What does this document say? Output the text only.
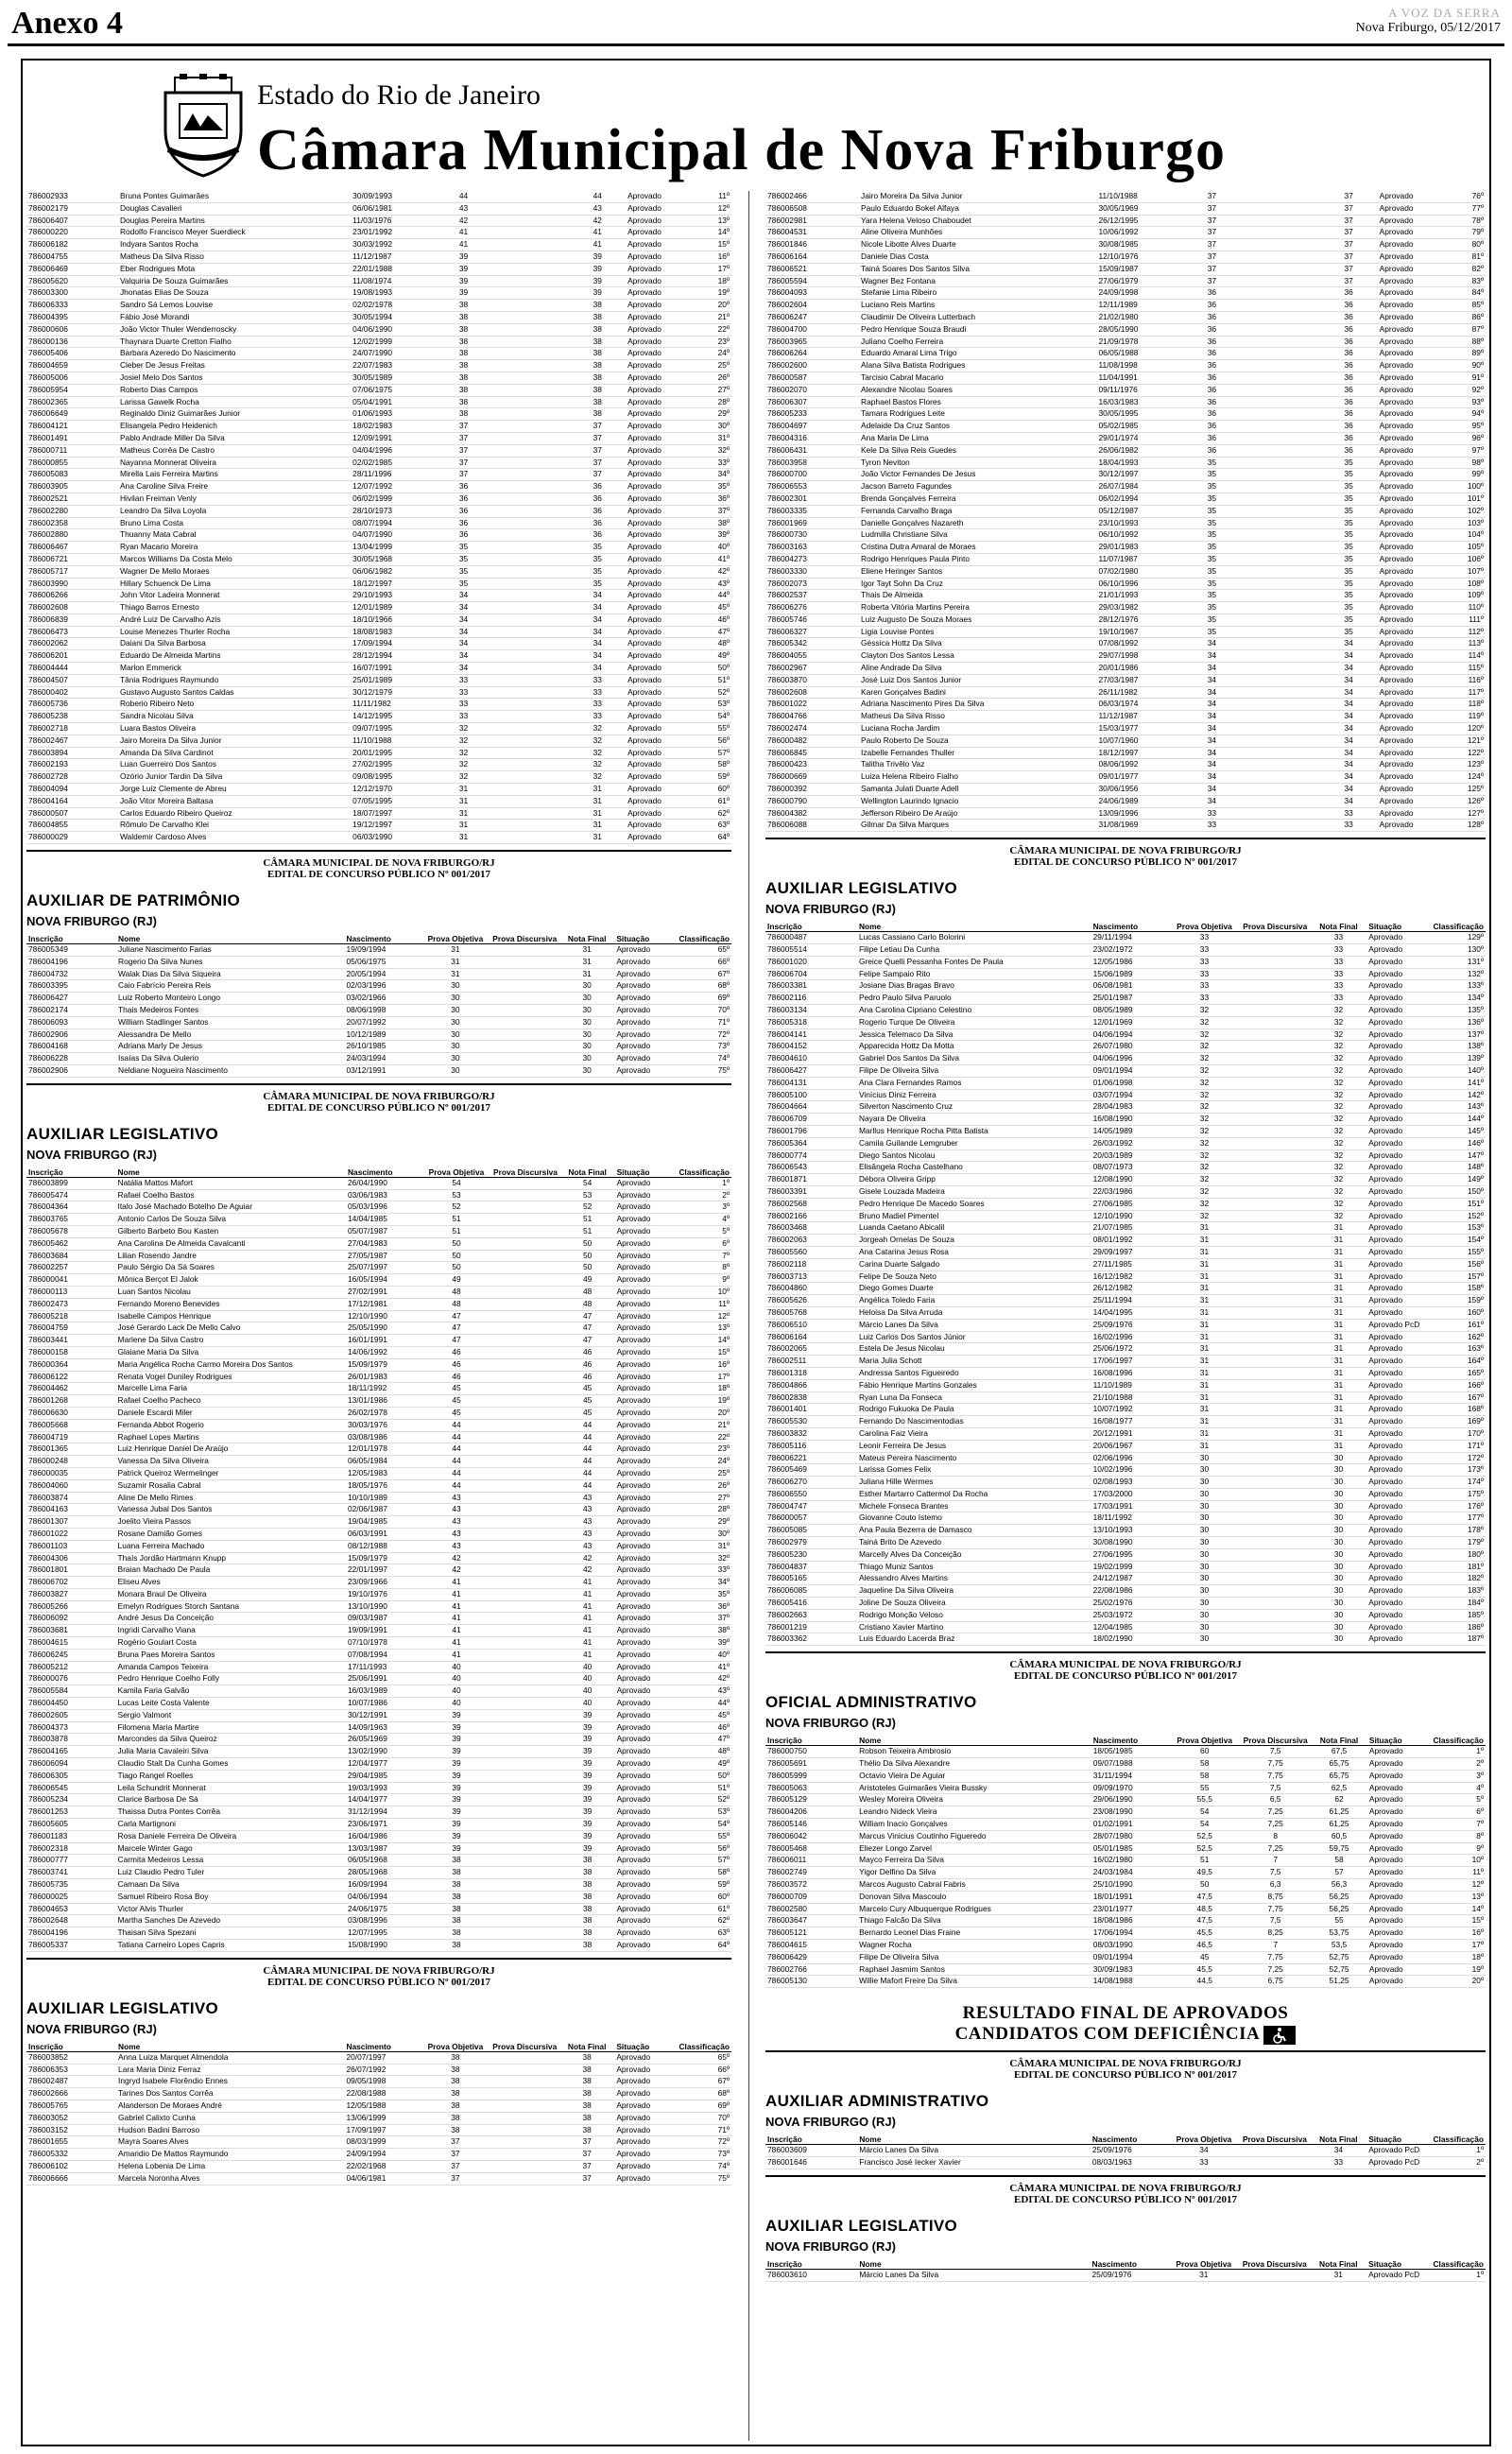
Anexo 4	A VOZ DA SERRA
Nova Friburgo, 05/12/2017
Estado do Rio de Janeiro
Câmara Municipal de Nova Friburgo
786002933	Bruna Pontes Guimarães	30/09/1993	44		44	Aprovado	11º
786002179	Douglas Cavalieri	06/06/1981	43		43	Aprovado	12º
786006407	Douglas Pereira Martins	11/03/1976	42		42	Aprovado	13º
786000220	Rodolfo Francisco Meyer Suerdieck	23/01/1992	41		41	Aprovado	14º
786006182	Indyara Santos Rocha	30/03/1992	41		41	Aprovado	15º
786004755	Matheus Da Silva Risso	11/12/1987	39		39	Aprovado	16º
786006469	Eber Rodrigues Mota	22/01/1988	39		39	Aprovado	17º
786005620	Valquiria De Souza Guimarães	11/08/1974	39		39	Aprovado	18º
786003300	Jhonatas Elias De Souza	19/08/1993	39		39	Aprovado	19º
786006333	Sandro Sá Lemos Louvise	02/02/1978	38		38	Aprovado	20º
786004395	Fábio José Morandi	30/05/1994	38		38	Aprovado	21º
786000606	João Victor Thuler Wenderroscky	04/06/1990	38		38	Aprovado	22º
786000136	Thaynara Duarte Cretton Fialho	12/02/1999	38		38	Aprovado	23º
786005406	Barbara Azeredo Do Nascimento	24/07/1990	38		38	Aprovado	24º
786004659	Cleber De Jesus Freitas	22/07/1983	38		38	Aprovado	25º
786005006	Josiel Melo Dos Santos	30/05/1989	38		38	Aprovado	26º
786005954	Roberto Dias Campos	07/06/1975	38		38	Aprovado	27º
786002365	Larissa Gawelk Rocha	05/04/1991	38		38	Aprovado	28º
786006649	Reginaldo Diniz Guimarães Junior	01/06/1993	38		38	Aprovado	29º
786004121	Elisangela Pedro Heidenich	18/02/1983	37		37	Aprovado	30º
786001491	Pablo Andrade Miller Da Silva	12/09/1991	37		37	Aprovado	31º
786000711	Matheus Corrêa De Castro	04/04/1996	37		37	Aprovado	32º
786000855	Nayanna Monnerat Oliveira	02/02/1985	37		37	Aprovado	33º
786005083	Mirella Lais Ferreira Martins	28/11/1996	37		37	Aprovado	34º
786003905	Ana Caroline Silva Freire	12/07/1992	36		36	Aprovado	35º
786002521	Hivilan Freiman Venly	06/02/1999	36		36	Aprovado	36º
786002280	Leandro Da Silva Loyola	28/10/1973	36		36	Aprovado	37º
786002358	Bruno Lima Costa	08/07/1994	36		36	Aprovado	38º
786002880	Thuanny Mata Cabral	04/07/1990	36		36	Aprovado	39º
786006467	Ryan Macario Moreira	13/04/1999	35		35	Aprovado	40º
786006721	Marcos Williams Da Costa Melo	30/05/1968	35		35	Aprovado	41º
786005717	Wagner De Mello Moraes	06/06/1982	35		35	Aprovado	42º
786003990	Hillary Schuenck De Lima	18/12/1997	35		35	Aprovado	43º
786006266	John Vitor Ladeira Monnerat	29/10/1993	34		34	Aprovado	44º
786002608	Thiago Barros Ernesto	12/01/1989	34		34	Aprovado	45º
786006839	André Luiz De Carvalho Azis	18/10/1966	34		34	Aprovado	46º
786006473	Louise Menezes Thurler Rocha	18/08/1983	34		34	Aprovado	47º
786002062	Daiani Da Silva Barbosa	17/09/1994	34		34	Aprovado	48º
786006201	Eduardo De Almeida Martins	28/12/1994	34		34	Aprovado	49º
786004444	Marlon Emmerick	16/07/1991	34		34	Aprovado	50º
786004507	Tânia Rodrigues Raymundo	25/01/1989	33		33	Aprovado	51º
786000402	Gustavo Augusto Santos Caldas	30/12/1979	33		33	Aprovado	52º
786005736	Roberio Ribeiro Neto	11/11/1982	33		33	Aprovado	53º
786005238	Sandra Nicolau Silva	14/12/1995	33		33	Aprovado	54º
786002718	Luara Bastos Oliveira	09/07/1995	32		32	Aprovado	55º
786002467	Jairo Moreira Da Silva Junior	11/10/1988	32		32	Aprovado	56º
786003894	Amanda Da Silva Cardinot	20/01/1995	32		32	Aprovado	57º
786002193	Luan Guerreiro Dos Santos	27/02/1995	32		32	Aprovado	58º
786002728	Ozório Junior Tardin Da Silva	09/08/1995	32		32	Aprovado	59º
786004094	Jorge Luiz Clemente de Abreu	12/12/1970	31		31	Aprovado	60º
786004164	João Vitor Moreira Baltasa	07/05/1995	31		31	Aprovado	61º
786000507	Carlos Eduardo Ribeiro Queiroz	18/07/1997	31		31	Aprovado	62º
786004855	Rômulo De Carvalho Klei	19/12/1997	31		31	Aprovado	63º
786000029	Waldemir Cardoso Alves	06/03/1990	31		31	Aprovado	64º
CÂMARA MUNICIPAL DE NOVA FRIBURGO/RJ
EDITAL DE CONCURSO PÚBLICO Nº 001/2017
AUXILIAR DE PATRIMÔNIO
NOVA FRIBURGO (RJ)
Inscrição	Nome	Nascimento	Prova Objetiva	Prova Discursiva	Nota Final	Situação	Classificação
786005349	Juliane Nascimento Farias	19/09/1994	31		31	Aprovado	65º
786004196	Rogerio Da Silva Nunes	05/06/1975	31		31	Aprovado	66º
786004732	Walak Dias Da Silva Siqueira	20/05/1994	31		31	Aprovado	67º
786003395	Caio Fabrício Pereira Reis	02/03/1996	30		30	Aprovado	68º
786006427	Luiz Roberto Monteiro Longo	03/02/1966	30		30	Aprovado	69º
786002174	Thais Medeiros Fontes	08/06/1998	30		30	Aprovado	70º
786006093	William Stadlinger Santos	20/07/1992	30		30	Aprovado	71º
786002906	Alessandra De Mello	10/12/1989	30		30	Aprovado	72º
786004168	Adriana Marly De Jesus	26/10/1985	30		30	Aprovado	73º
786006228	Isaías Da Silva Oulerio	24/03/1994	30		30	Aprovado	74º
786002906	Neldiane Nogueira Nascimento	03/12/1991	30		30	Aprovado	75º
CÂMARA MUNICIPAL DE NOVA FRIBURGO/RJ
EDITAL DE CONCURSO PÚBLICO Nº 001/2017
AUXILIAR LEGISLATIVO
NOVA FRIBURGO (RJ)
Inscrição	Nome	Nascimento	Prova Objetiva	Prova Discursiva	Nota Final	Situação	Classificação
786003899	Natália Mattos Mafort	26/04/1990	54		54	Aprovado	1º
786005474	Rafael Coelho Bastos	03/06/1983	53		53	Aprovado	2º
786004364	Italo José Machado Botelho De Aguiar	05/03/1996	52		52	Aprovado	3º
786003765	Antonio Carlos De Souza Silva	14/04/1985	51		51	Aprovado	4º
786005678	Gilberto Barbeto Bou Kasten	05/07/1987	51		51	Aprovado	5º
786005462	Ana Carolina De Almeida Cavalcanti	27/04/1983	50		50	Aprovado	6º
786003684	Lilian Rosendo Jandre	27/05/1987	50		50	Aprovado	7º
786002257	Paulo Sérgio Da Sá Soares	25/07/1997	50		50	Aprovado	8º
786000041	Mônica Berçot El Jalok	16/05/1994	49		49	Aprovado	9º
786000113	Luan Santos Nicolau	27/02/1991	48		48	Aprovado	10º
786002473	Fernando Moreno Benevides	17/12/1981	48		48	Aprovado	11º
786005218	Isabelle Campos Henrique	12/10/1990	47		47	Aprovado	12º
786004759	José Gerardo Lack De Mello Calvo	25/05/1990	47		47	Aprovado	13º
786003441	Marlene Da Silva Castro	16/01/1991	47		47	Aprovado	14º
786000158	Glaiane Maria Da Silva	14/06/1992	46		46	Aprovado	15º
786000364	Maria Angélica Rocha Carmo Moreira Dos Santos	15/09/1979	46		46	Aprovado	16º
786006122	Renata Vogel Duniley Rodrigues	26/01/1983	46		46	Aprovado	17º
786004462	Marcelle Lima Faria	18/11/1992	45		45	Aprovado	18º
786001268	Rafael Coelho Pacheco	13/01/1986	45		45	Aprovado	19º
786006630	Daniele Escardi Miler	26/02/1978	45		45	Aprovado	20º
786005668	Fernanda Abbot Rogerio	30/03/1976	44		44	Aprovado	21º
786004719	Raphael Lopes Martins	03/08/1986	44		44	Aprovado	22º
786001365	Luiz Henrique Daniel De Araújo	12/01/1978	44		44	Aprovado	23º
786000248	Vanessa Da Silva Oliveira	06/05/1984	44		44	Aprovado	24º
786000035	Patrick Queiroz Wermelinger	12/05/1983	44		44	Aprovado	25º
786004060	Suzamir Rosalia Cabral	18/05/1976	44		44	Aprovado	26º
786003874	Aline De Mello Rimes	10/10/1989	43		43	Aprovado	27º
786004163	Vanessa Jubal Dos Santos	02/06/1987	43		43	Aprovado	28º
786001307	Joelito Vieira Passos	19/04/1985	43		43	Aprovado	29º
786001022	Rosane Damião Gomes	06/03/1991	43		43	Aprovado	30º
786001103	Luana Ferreira Machado	08/12/1988	43		43	Aprovado	31º
786004306	Thaís Jordão Hartmann Knupp	15/09/1979	42		42	Aprovado	32º
786001801	Braian Machado De Paula	22/01/1997	42		42	Aprovado	33º
786006702	Eliseu Alves	23/09/1966	41		41	Aprovado	34º
786003827	Monara Braul De Oliveira	19/10/1976	41		41	Aprovado	35º
786005266	Emelyn Rodrigues Storch Santana	13/10/1990	41		41	Aprovado	36º
786006092	André Jesus Da Conceição	09/03/1987	41		41	Aprovado	37º
786003681	Ingridi Carvalho Viana	19/09/1991	41		41	Aprovado	38º
786004615	Rogério Goulart Costa	07/10/1978	41		41	Aprovado	39º
786006245	Bruna Paes Moreira Santos	07/08/1994	41		41	Aprovado	40º
786005212	Amanda Campos Teixeira	17/11/1993	40		40	Aprovado	41º
786000076	Pedro Henrique Coelho Folly	25/06/1991	40		40	Aprovado	42º
786005584	Kamila Faria Galvão	16/03/1989	40		40	Aprovado	43º
786004450	Lucas Leite Costa Valente	10/07/1986	40		40	Aprovado	44º
786002605	Sergio Valmont	30/12/1991	39		39	Aprovado	45º
786004373	Filomena Maria Martire	14/09/1963	39		39	Aprovado	46º
786003878	Marcondes da Silva Queiroz	26/05/1969	39		39	Aprovado	47º
786004165	Julia Maria Cavaleiri Silva	13/02/1990	39		39	Aprovado	48º
786006094	Claudio Stalt Da Cunha Gomes	12/04/1977	39		39	Aprovado	49º
786006305	Tiago Rangel Roelles	29/04/1985	39		39	Aprovado	50º
786006545	Leila Schundrit Monnerat	19/03/1993	39		39	Aprovado	51º
786005234	Clarice Barbosa De Sá	14/04/1977	39		39	Aprovado	52º
786001253	Thaissa Dutra Pontes Corrêa	31/12/1994	39		39	Aprovado	53º
786005605	Carla Martignoni	23/06/1971	39		39	Aprovado	54º
786001183	Rosa Daniele Ferreira De Oliveira	16/04/1986	39		39	Aprovado	55º
786002318	Marcele Winter Gago	13/03/1987	39		39	Aprovado	56º
786000777	Carmita Medeiros Lessa	06/05/1968	38		38	Aprovado	57º
786003741	Luiz Claudio Pedro Tuler	28/05/1968	38		38	Aprovado	58º
786005735	Camaan Da Silva	16/09/1994	38		38	Aprovado	59º
786000025	Samuel Ribeiro Rosa Boy	04/06/1994	38		38	Aprovado	60º
786004653	Victor Alvis Thurler	24/06/1975	38		38	Aprovado	61º
786002648	Martha Sanches De Azevedo	03/08/1996	38		38	Aprovado	62º
786004196	Thaisan Silva Spezani	12/07/1995	38		38	Aprovado	63º
786005337	Tatiana Carneiro Lopes Capris	15/08/1990	38		38	Aprovado	64º
CÂMARA MUNICIPAL DE NOVA FRIBURGO/RJ
EDITAL DE CONCURSO PÚBLICO Nº 001/2017
AUXILIAR LEGISLATIVO
NOVA FRIBURGO (RJ)
Inscrição	Nome	Nascimento	Prova Objetiva	Prova Discursiva	Nota Final	Situação	Classificação
786003852	Anna Luiza Marquet Almendola	20/07/1997	38		38	Aprovado	65º
786006353	Lara Maria Diniz Ferraz	26/07/1992	38		38	Aprovado	66º
786002487	Ingryd Isabele Florêndio Ennes	09/05/1998	38		38	Aprovado	67º
786002666	Tarines Dos Santos Corrêa	22/08/1988	38		38	Aprovado	68º
786005765	Alanderson De Moraes André	12/05/1988	38		38	Aprovado	69º
786003052	Gabriel Calixto Cunha	13/06/1999	38		38	Aprovado	70º
786003152	Hudson Badini Barroso	17/09/1997	38		38	Aprovado	71º
786001655	Mayra Soares Alves	08/03/1999	37		37	Aprovado	72º
786005332	Amaridio De Mattos Raymundo	24/09/1994	37		37	Aprovado	73º
786006102	Helena Lobenia De Lima	22/02/1968	37		37	Aprovado	74º
786006666	Marcela Noronha Alves	04/06/1981	37		37	Aprovado	75º
786002466	Jairo Moreira Da Silva Junior	11/10/1988	37		37	Aprovado	76º
786006508	Paulo Eduardo Bokel Alfaya	30/05/1969	37		37	Aprovado	77º
786002981	Yara Helena Veloso Chaboudet	26/12/1995	37		37	Aprovado	78º
786004531	Aline Oliveira Munhões	10/06/1992	37		37	Aprovado	79º
786001846	Nicole Libotte Alves Duarte	30/08/1985	37		37	Aprovado	80º
786006164	Daniele Dias Costa	12/10/1976	37		37	Aprovado	81º
786006521	Tainá Soares Dos Santos Silva	15/09/1987	37		37	Aprovado	82º
786005594	Wagner Bez Fontana	27/06/1979	37		37	Aprovado	83º
786004093	Stefanie Lima Ribeiro	24/09/1998	36		36	Aprovado	84º
786002604	Luciano Reis Martins	12/11/1989	36		36	Aprovado	85º
786006247	Claudimir De Oliveira Lutterbach	21/02/1980	36		36	Aprovado	86º
786004700	Pedro Henrique Souza Braudi	28/05/1990	36		36	Aprovado	87º
786003965	Juliano Coelho Ferreira	21/09/1978	36		36	Aprovado	88º
786006264	Eduardo Amaral Lima Trigo	06/05/1988	36		36	Aprovado	89º
786002600	Alana Silva Batista Rodrigues	11/08/1998	36		36	Aprovado	90º
786000587	Tarcisio Cabral Macario	11/04/1991	36		36	Aprovado	91º
786002070	Alexandre Nicolau Soares	09/11/1976	36		36	Aprovado	92º
786006307	Raphael Bastos Flores	16/03/1983	36		36	Aprovado	93º
786005233	Tamara Rodrigues Leite	30/05/1995	36		36	Aprovado	94º
786004697	Adelaide Da Cruz Santos	05/02/1985	36		36	Aprovado	95º
786004316	Ana Maria De Lima	29/01/1974	36		36	Aprovado	96º
786006431	Kele Da Silva Reis Guedes	26/06/1982	36		36	Aprovado	97º
786003958	Tyron Neviton	18/04/1993	35		35	Aprovado	98º
786000700	João Victor Fernandes De Jesus	30/12/1997	35		35	Aprovado	99º
786006553	Jacson Barreto Fagundes	26/07/1984	35		35	Aprovado	100º
786002301	Brenda Gonçalves Ferreira	06/02/1994	35		35	Aprovado	101º
786003335	Fernanda Carvalho Braga	05/12/1987	35		35	Aprovado	102º
786001969	Danielle Gonçalves Nazareth	23/10/1993	35		35	Aprovado	103º
786000730	Ludmilla Christiane Silva	06/10/1992	35		35	Aprovado	104º
786003163	Cristina Dutra Amaral de Moraes	29/01/1983	35		35	Aprovado	105º
786004273	Rodrigo Henriques Paula Pinto	11/07/1987	35		35	Aprovado	106º
786003330	Eliene Heringer Santos	07/02/1980	35		35	Aprovado	107º
786002073	Igor Tayt Sohn Da Cruz	06/10/1996	35		35	Aprovado	108º
786002537	Thais De Almeida	21/01/1993	35		35	Aprovado	109º
786006276	Roberta Vitória Martins Pereira	29/03/1982	35		35	Aprovado	110º
786005746	Luiz Augusto De Souza Moraes	28/12/1976	35		35	Aprovado	111º
786006327	Ligia Louvise Pontes	19/10/1967	35		35	Aprovado	112º
786005342	Géssica Hottz Da Silva	07/08/1992	34		34	Aprovado	113º
786004055	Clayton Dos Santos Lessa	29/07/1998	34		34	Aprovado	114º
786002967	Aline Andrade Da Silva	20/01/1986	34		34	Aprovado	115º
786003870	José Luiz Dos Santos Junior	27/03/1987	34		34	Aprovado	116º
786002608	Karen Gonçalves Badini	26/11/1982	34		34	Aprovado	117º
786001022	Adriana Nascimento Pires Da Silva	06/03/1974	34		34	Aprovado	118º
786004766	Matheus Da Silva Risso	11/12/1987	34		34	Aprovado	119º
786002474	Luciana Rocha Jardim	15/03/1977	34		34	Aprovado	120º
786000482	Paulo Roberto De Souza	10/07/1960	34		34	Aprovado	121º
786006845	Izabelle Fernandes Thuller	18/12/1997	34		34	Aprovado	122º
786000423	Talitha Trivêlo Vaz	08/06/1992	34		34	Aprovado	123º
786000669	Luiza Helena Ribeiro Fialho	09/01/1977	34		34	Aprovado	124º
786000392	Samanta Julati Duarte Adell	30/06/1956	34		34	Aprovado	125º
786000790	Wellington Laurindo Ignacio	24/06/1989	34		34	Aprovado	126º
786004382	Jefferson Ribeiro De Araújo	13/09/1996	33		33	Aprovado	127º
786006088	Gilmar Da Silva Marques	31/08/1969	33		33	Aprovado	128º
CÂMARA MUNICIPAL DE NOVA FRIBURGO/RJ
EDITAL DE CONCURSO PÚBLICO Nº 001/2017
AUXILIAR LEGISLATIVO
NOVA FRIBURGO (RJ)
Inscrição	Nome	Nascimento	Prova Objetiva	Prova Discursiva	Nota Final	Situação	Classificação
786000487	Lucas Cassiano Carlo Bolorini	29/11/1994	33		33	Aprovado	129º
786005514	Filipe Letiau Da Cunha	23/02/1972	33		33	Aprovado	130º
786001020	Greice Quelli Pessanha Fontes De Paula	12/05/1986	33		33	Aprovado	131º
786006704	Felipe Sampaio Rito	15/06/1989	33		33	Aprovado	132º
786003381	Josiane Dias Bragas Bravo	06/08/1981	33		33	Aprovado	133º
786002116	Pedro Paulo Silva Paruolo	25/01/1987	33		33	Aprovado	134º
786003134	Ana Carolina Cipriano Celestino	08/05/1989	32		32	Aprovado	135º
786005318	Rogerio Turque De Oliveira	12/01/1969	32		32	Aprovado	136º
786004141	Jessica Telemaco Da Silva	04/06/1994	32		32	Aprovado	137º
786004152	Apparecida Hottz Da Motta	26/07/1980	32		32	Aprovado	138º
786004610	Gabriel Dos Santos Da Silva	04/06/1996	32		32	Aprovado	139º
786006427	Filipe De Oliveira Silva	09/01/1994	32		32	Aprovado	140º
786004131	Ana Clara Fernandes Ramos	01/06/1998	32		32	Aprovado	141º
786005100	Vinícius Diniz Ferreira	03/07/1994	32		32	Aprovado	142º
786004664	Silverton Nascimento Cruz	28/04/1983	32		32	Aprovado	143º
786006709	Nayara De Oliveira	16/08/1990	32		32	Aprovado	144º
786001796	Marllus Henrique Rocha Pitta Batista	14/05/1989	32		32	Aprovado	145º
786005364	Camila Guilande Lemgruber	26/03/1992	32		32	Aprovado	146º
786000774	Diego Santos Nicolau	20/03/1989	32		32	Aprovado	147º
786006543	Elisângela Rocha Castelhano	08/07/1973	32		32	Aprovado	148º
786001871	Débora Oliveira Gripp	12/08/1990	32		32	Aprovado	149º
786003391	Gisele Louzada Madeira	22/03/1986	32		32	Aprovado	150º
786002568	Pedro Henrique De Macedo Soares	27/06/1985	32		32	Aprovado	151º
786002166	Bruno Madiel Pimentel	12/10/1990	32		32	Aprovado	152º
786003468	Luanda Caetano Abicalil	21/07/1985	31		31	Aprovado	153º
786002063	Jorgeah Ornelas De Souza	08/01/1992	31		31	Aprovado	154º
786005560	Ana Catarina Jesus Rosa	29/09/1997	31		31	Aprovado	155º
786002118	Carina Duarte Salgado	27/11/1985	31		31	Aprovado	156º
786003713	Felipe De Souza Neto	16/12/1982	31		31	Aprovado	157º
786004860	Diego Gomes Duarte	26/12/1982	31		31	Aprovado	158º
786005626	Angélica Toledo Faria	25/11/1994	31		31	Aprovado	159º
786005768	Heloisa Da Silva Arruda	14/04/1995	31		31	Aprovado	160º
786006510	Márcio Lanes Da Silva	25/09/1976	31		31	Aprovado PcD	161º
786006164	Luiz Carlos Dos Santos Júnior	16/02/1996	31		31	Aprovado	162º
786002065	Estela De Jesus Nicolau	25/06/1972	31		31	Aprovado	163º
786002511	Maria Julia Schott	17/06/1997	31		31	Aprovado	164º
786001318	Andressa Santos Figueiredo	16/08/1996	31		31	Aprovado	165º
786004866	Fábio Henrique Martins Gonzales	11/10/1989	31		31	Aprovado	166º
786002838	Ryan Luna Da Fonseca	21/10/1988	31		31	Aprovado	167º
786001401	Rodrigo Fukuoka De Paula	10/07/1992	31		31	Aprovado	168º
786005530	Fernando Do Nascimentodias	16/08/1977	31		31	Aprovado	169º
786003832	Carolina Faiz Vieira	20/12/1991	31		31	Aprovado	170º
786005116	Leonir Ferreira De Jesus	20/06/1967	31		31	Aprovado	171º
786006221	Mateus Pereira Nascimento	02/06/1996	30		30	Aprovado	172º
786005469	Larissa Gomes Felix	10/02/1996	30		30	Aprovado	173º
786006270	Juliana Hille Wermes	02/08/1993	30		30	Aprovado	174º
786006550	Esther Martarro Cattermol Da Rocha	17/03/2000	30		30	Aprovado	175º
786004747	Michele Fonseca Brantes	17/03/1991	30		30	Aprovado	176º
786000057	Giovanne Couto Istemo	18/11/1992	30		30	Aprovado	177º
786005085	Ana Paula Bezerra de Damasco	13/10/1993	30		30	Aprovado	178º
786002979	Tainá Brito De Azevedo	30/08/1990	30		30	Aprovado	179º
786005230	Marcelly Alves Da Conceição	27/06/1995	30		30	Aprovado	180º
786004837	Thiago Muniz Santos	19/02/1999	30		30	Aprovado	181º
786005165	Alessandro Alves Martins	24/12/1987	30		30	Aprovado	182º
786006085	Jaqueline Da Silva Oliveira	22/08/1986	30		30	Aprovado	183º
786005416	Joline De Souza Oliveira	25/02/1976	30		30	Aprovado	184º
786002663	Rodrigo Monção Veloso	25/03/1972	30		30	Aprovado	185º
786001219	Cristiano Xavier Martino	12/04/1985	30		30	Aprovado	186º
786003362	Luis Eduardo Lacerda Braz	18/02/1990	30		30	Aprovado	187º
CÂMARA MUNICIPAL DE NOVA FRIBURGO/RJ
EDITAL DE CONCURSO PÚBLICO Nº 001/2017
OFICIAL ADMINISTRATIVO
NOVA FRIBURGO (RJ)
Inscrição	Nome	Nascimento	Prova Objetiva	Prova Discursiva	Nota Final	Situação	Classificação
786000750	Robson Teixeira Ambrosio	18/05/1985	60	7,5	67,5	Aprovado	1º
786005691	Thélio Da Silva Alexandre	09/07/1988	58	7,75	65,75	Aprovado	2º
786005999	Octavio Vieira De Aguiar	31/11/1994	58	7,75	65,75	Aprovado	3º
786005063	Aristoteles Guimarães Vieira Bussky	09/09/1970	55	7,5	62,5	Aprovado	4º
786005129	Wesley Moreira Oliveira	29/06/1990	55,5	6,5	62	Aprovado	5º
786004206	Leandro Nideck Vieira	23/08/1990	54	7,25	61,25	Aprovado	6º
786005146	William Inacio Gonçalves	01/02/1991	54	7,25	61,25	Aprovado	7º
786006042	Marcus Vinicius Coutinho Figueredo	28/07/1980	52,5	8	60,5	Aprovado	8º
786005468	Eliezer Longo Zarvel	05/01/1985	52,5	7,25	59,75	Aprovado	9º
786006011	Mayco Ferreira Da Silva	16/02/1980	51	7	58	Aprovado	10º
786002749	Yigor Delfino Da Silva	24/03/1984	49,5	7,5	57	Aprovado	11º
786003572	Marcos Augusto Cabral Fabris	25/10/1990	50	6,3	56,3	Aprovado	12º
786000709	Donovan Silva Mascoulo	18/01/1991	47,5	8,75	56,25	Aprovado	13º
786002580	Marcelo Cury Albuquerque Rodrigues	23/01/1977	48,5	7,75	56,25	Aprovado	14º
786003647	Thiago Falcão Da Silva	18/08/1986	47,5	7,5	55	Aprovado	15º
786005121	Bernardo Leonel Dias Fraine	17/06/1994	45,5	8,25	53,75	Aprovado	16º
786004615	Wagner Rocha	08/03/1990	46,5	7	53,5	Aprovado	17º
786006429	Filipe De Oliveira Silva	09/01/1994	45	7,75	52,75	Aprovado	18º
786002766	Raphael Jasmim Santos	30/09/1983	45,5	7,25	52,75	Aprovado	19º
786005130	Willie Mafort Freire Da Silva	14/08/1988	44,5	6,75	51,25	Aprovado	20º
RESULTADO FINAL DE APROVADOS
CANDIDATOS COM DEFICIÊNCIA
CÂMARA MUNICIPAL DE NOVA FRIBURGO/RJ
EDITAL DE CONCURSO PÚBLICO Nº 001/2017
AUXILIAR ADMINISTRATIVO
NOVA FRIBURGO (RJ)
Inscrição	Nome	Nascimento	Prova Objetiva	Prova Discursiva	Nota Final	Situação	Classificação
786003609	Márcio Lanes Da Silva	25/09/1976	34		34	Aprovado PcD	1º
786001646	Francisco José Iecker Xavier	08/03/1963	33		33	Aprovado PcD	2º
CÂMARA MUNICIPAL DE NOVA FRIBURGO/RJ
EDITAL DE CONCURSO PÚBLICO Nº 001/2017
AUXILIAR LEGISLATIVO
NOVA FRIBURGO (RJ)
Inscrição	Nome	Nascimento	Prova Objetiva	Prova Discursiva	Nota Final	Situação	Classificação
786003610	Márcio Lanes Da Silva	25/09/1976	31		31	Aprovado PcD	1º
